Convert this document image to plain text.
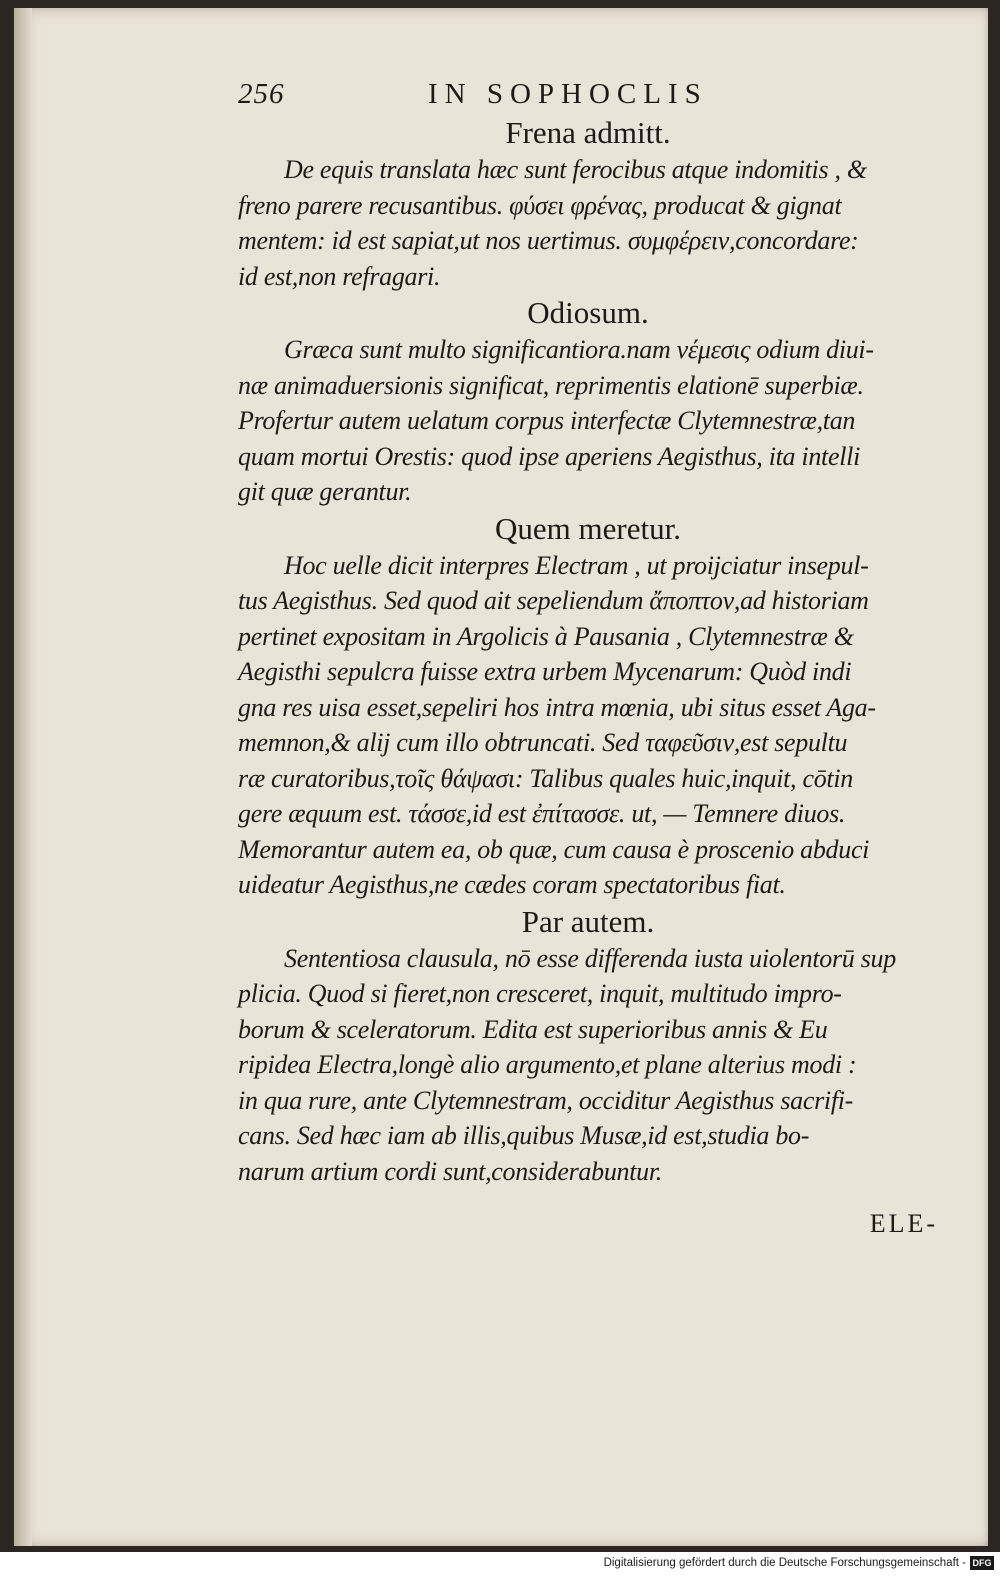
256	IN SOPHOCLIS
Frena admitt.
De equis translata hæc sunt ferocibus atque indomitis , &
freno parere recusantibus. φύσει φρένας, producat & gignat
mentem: id est sapiat,ut nos uertimus. συμφέρειν,concordare:
id est,non refragari.
Odiosum.
Græca sunt multo significantiora.nam νέμεσις odium diui-
næ animaduersionis significat, reprimentis elationē superbiæ.
Profertur autem uelatum corpus interfectæ Clytemnestræ,tan
quam mortui Orestis: quod ipse aperiens Aegisthus, ita intelli
git quæ gerantur.
Quem meretur.
Hoc uelle dicit interpres Electram , ut proijciatur insepul-
tus Aegisthus. Sed quod ait sepeliendum ἄποπτον,ad historiam
pertinet expositam in Argolicis à Pausania , Clytemnestræ &
Aegisthi sepulcra fuisse extra urbem Mycenarum: Quòd indi
gna res uisa esset,sepeliri hos intra mœnia, ubi situs esset Aga-
memnon,& alij cum illo obtruncati. Sed ταφεῦσιν,est sepultu
ræ curatoribus,τοῖς θάψασι: Talibus quales huic,inquit, cōtin
gere æquum est. τάσσε,id est ἐπίτασσε. ut, — Temnere diuos.
Memorantur autem ea, ob quæ, cum causa è proscenio abduci
uideatur Aegisthus,ne cædes coram spectatoribus fiat.
Par autem.
Sententiosa clausula, nō esse differenda iusta uiolentorū sup
plicia. Quod si fieret,non cresceret, inquit, multitudo impro-
borum & sceleratorum. Edita est superioribus annis & Eu
ripidea Electra,longè alio argumento,et plane alterius modi :
in qua rure, ante Clytemnestram, occiditur Aegisthus sacrifi-
cans. Sed hæc iam ab illis,quibus Musæ,id est,studia bo-
narum artium cordi sunt,considerabuntur.
ELE-
Digitalisierung gefördert durch die Deutsche Forschungsgemeinschaft - DFG
